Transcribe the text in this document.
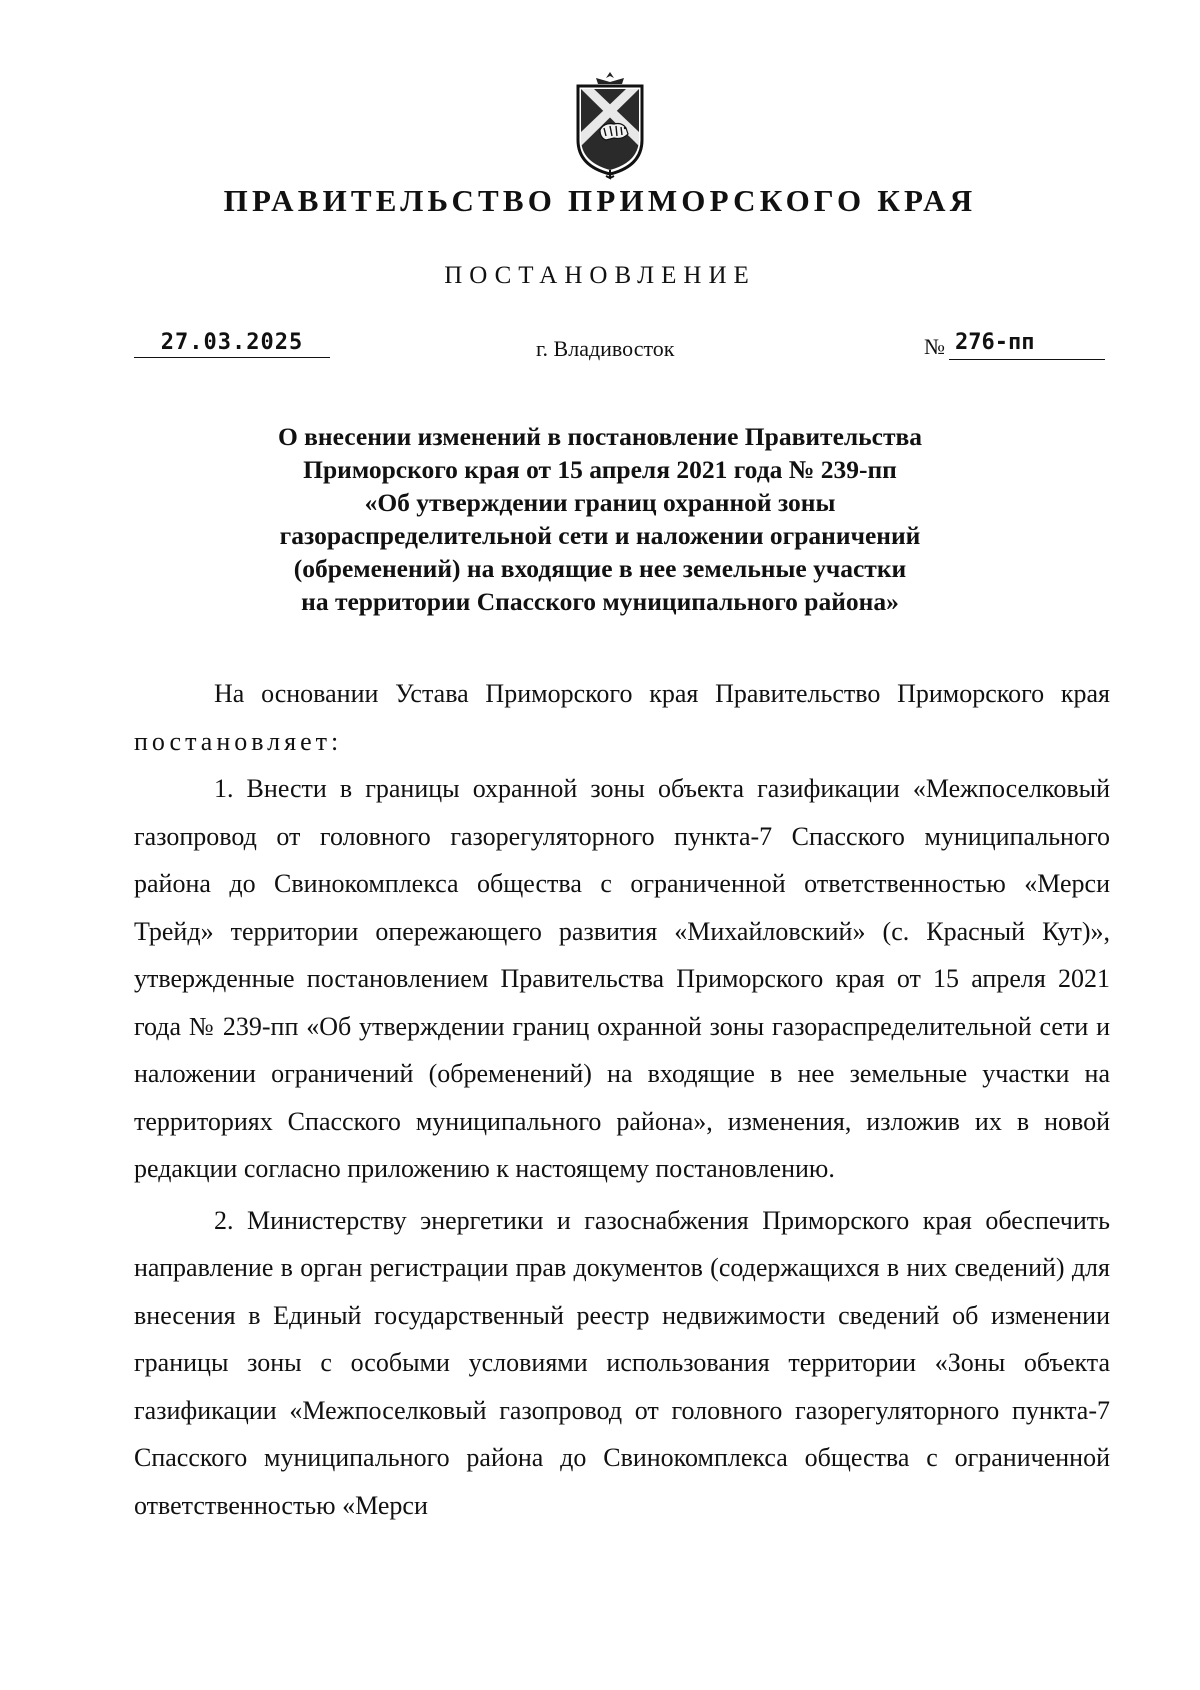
ПРАВИТЕЛЬСТВО ПРИМОРСКОГО КРАЯ
ПОСТАНОВЛЕНИЕ
27.03.2025	г. Владивосток	№ 276-пп
О внесении изменений в постановление Правительства
Приморского края от 15 апреля 2021 года № 239-пп
«Об утверждении границ охранной зоны
газораспределительной сети и наложении ограничений
(обременений) на входящие в нее земельные участки
на территории Спасского муниципального района»

На основании Устава Приморского края Правительство Приморского края постановляет:

1. Внести в границы охранной зоны объекта газификации «Межпоселковый газопровод от головного газорегуляторного пункта-7 Спасского муниципального района до Свинокомплекса общества с ограниченной ответственностью «Мерси Трейд» территории опережающего развития «Михайловский» (с. Красный Кут)», утвержденные постановлением Правительства Приморского края от 15 апреля 2021 года № 239-пп «Об утверждении границ охранной зоны газораспределительной сети и наложении ограничений (обременений) на входящие в нее земельные участки на территориях Спасского муниципального района», изменения, изложив их в новой редакции согласно приложению к настоящему постановлению.

2. Министерству энергетики и газоснабжения Приморского края обеспечить направление в орган регистрации прав документов (содержащихся в них сведений) для внесения в Единый государственный реестр недвижимости сведений об изменении границы зоны с особыми условиями использования территории «Зоны объекта газификации «Межпоселковый газопровод от головного газорегуляторного пункта-7 Спасского муниципального района до Свинокомплекса общества с ограниченной ответственностью «Мерси
